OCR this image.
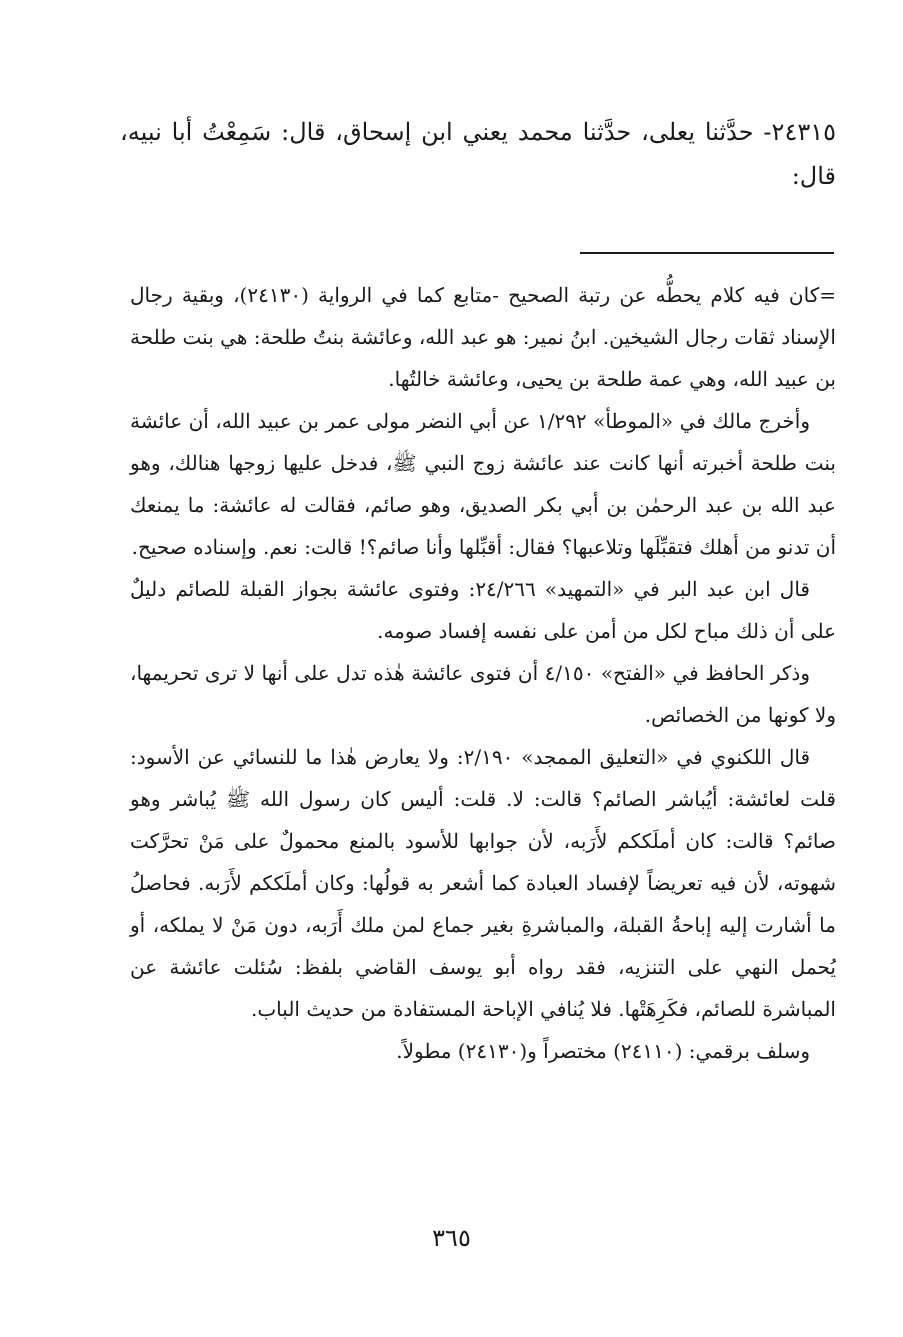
٢٤٣١٥- حدَّثنا يعلى، حدَّثنا محمد يعني ابن إسحاق، قال: سَمِعْتُ أبا نبيه، قال:

=كان فيه كلام يحطُّه عن رتبة الصحيح -متابع كما في الرواية (٢٤١٣٠)، وبقية رجال الإسناد ثقات رجال الشيخين. ابنُ نمير: هو عبد الله، وعائشة بنتُ طلحة: هي بنت طلحة بن عبيد الله، وهي عمة طلحة بن يحيى، وعائشة خالتُها.

وأخرج مالك في «الموطأ» ١/٢٩٢ عن أبي النضر مولى عمر بن عبيد الله، أن عائشة بنت طلحة أخبرته أنها كانت عند عائشة زوج النبي ﷺ، فدخل عليها زوجها هنالك، وهو عبد الله بن عبد الرحمٰن بن أبي بكر الصديق، وهو صائم، فقالت له عائشة: ما يمنعك أن تدنو من أهلك فتقبِّلَها وتلاعبها؟ فقال: أقبِّلها وأنا صائم؟! قالت: نعم. وإسناده صحيح.

قال ابن عبد البر في «التمهيد» ٢٤/٢٦٦: وفتوى عائشة بجواز القبلة للصائم دليلٌ على أن ذلك مباح لكل من أمن على نفسه إفساد صومه.

وذكر الحافظ في «الفتح» ٤/١٥٠ أن فتوى عائشة هٰذه تدل على أنها لا ترى تحريمها، ولا كونها من الخصائص.

قال اللكنوي في «التعليق الممجد» ٢/١٩٠: ولا يعارض هٰذا ما للنسائي عن الأسود: قلت لعائشة: أيُباشر الصائم؟ قالت: لا. قلت: أليس كان رسول الله ﷺ يُباشر وهو صائم؟ قالت: كان أملَككم لأَرَبه، لأن جوابها للأسود بالمنع محمولٌ على مَنْ تحرَّكت شهوته، لأن فيه تعريضاً لإفساد العبادة كما أشعر به قولُها: وكان أملَككم لأَرَبه. فحاصلُ ما أشارت إليه إباحةُ القبلة، والمباشرةِ بغير جماع لمن ملك أَرَبه، دون مَنْ لا يملكه، أو يُحمل النهي على التنزيه، فقد رواه أبو يوسف القاضي بلفظ: سُئلت عائشة عن المباشرة للصائم، فكَرِهَتْها. فلا يُنافي الإباحة المستفادة من حديث الباب.

وسلف برقمي: (٢٤١١٠) مختصراً و(٢٤١٣٠) مطولاً.

٣٦٥
